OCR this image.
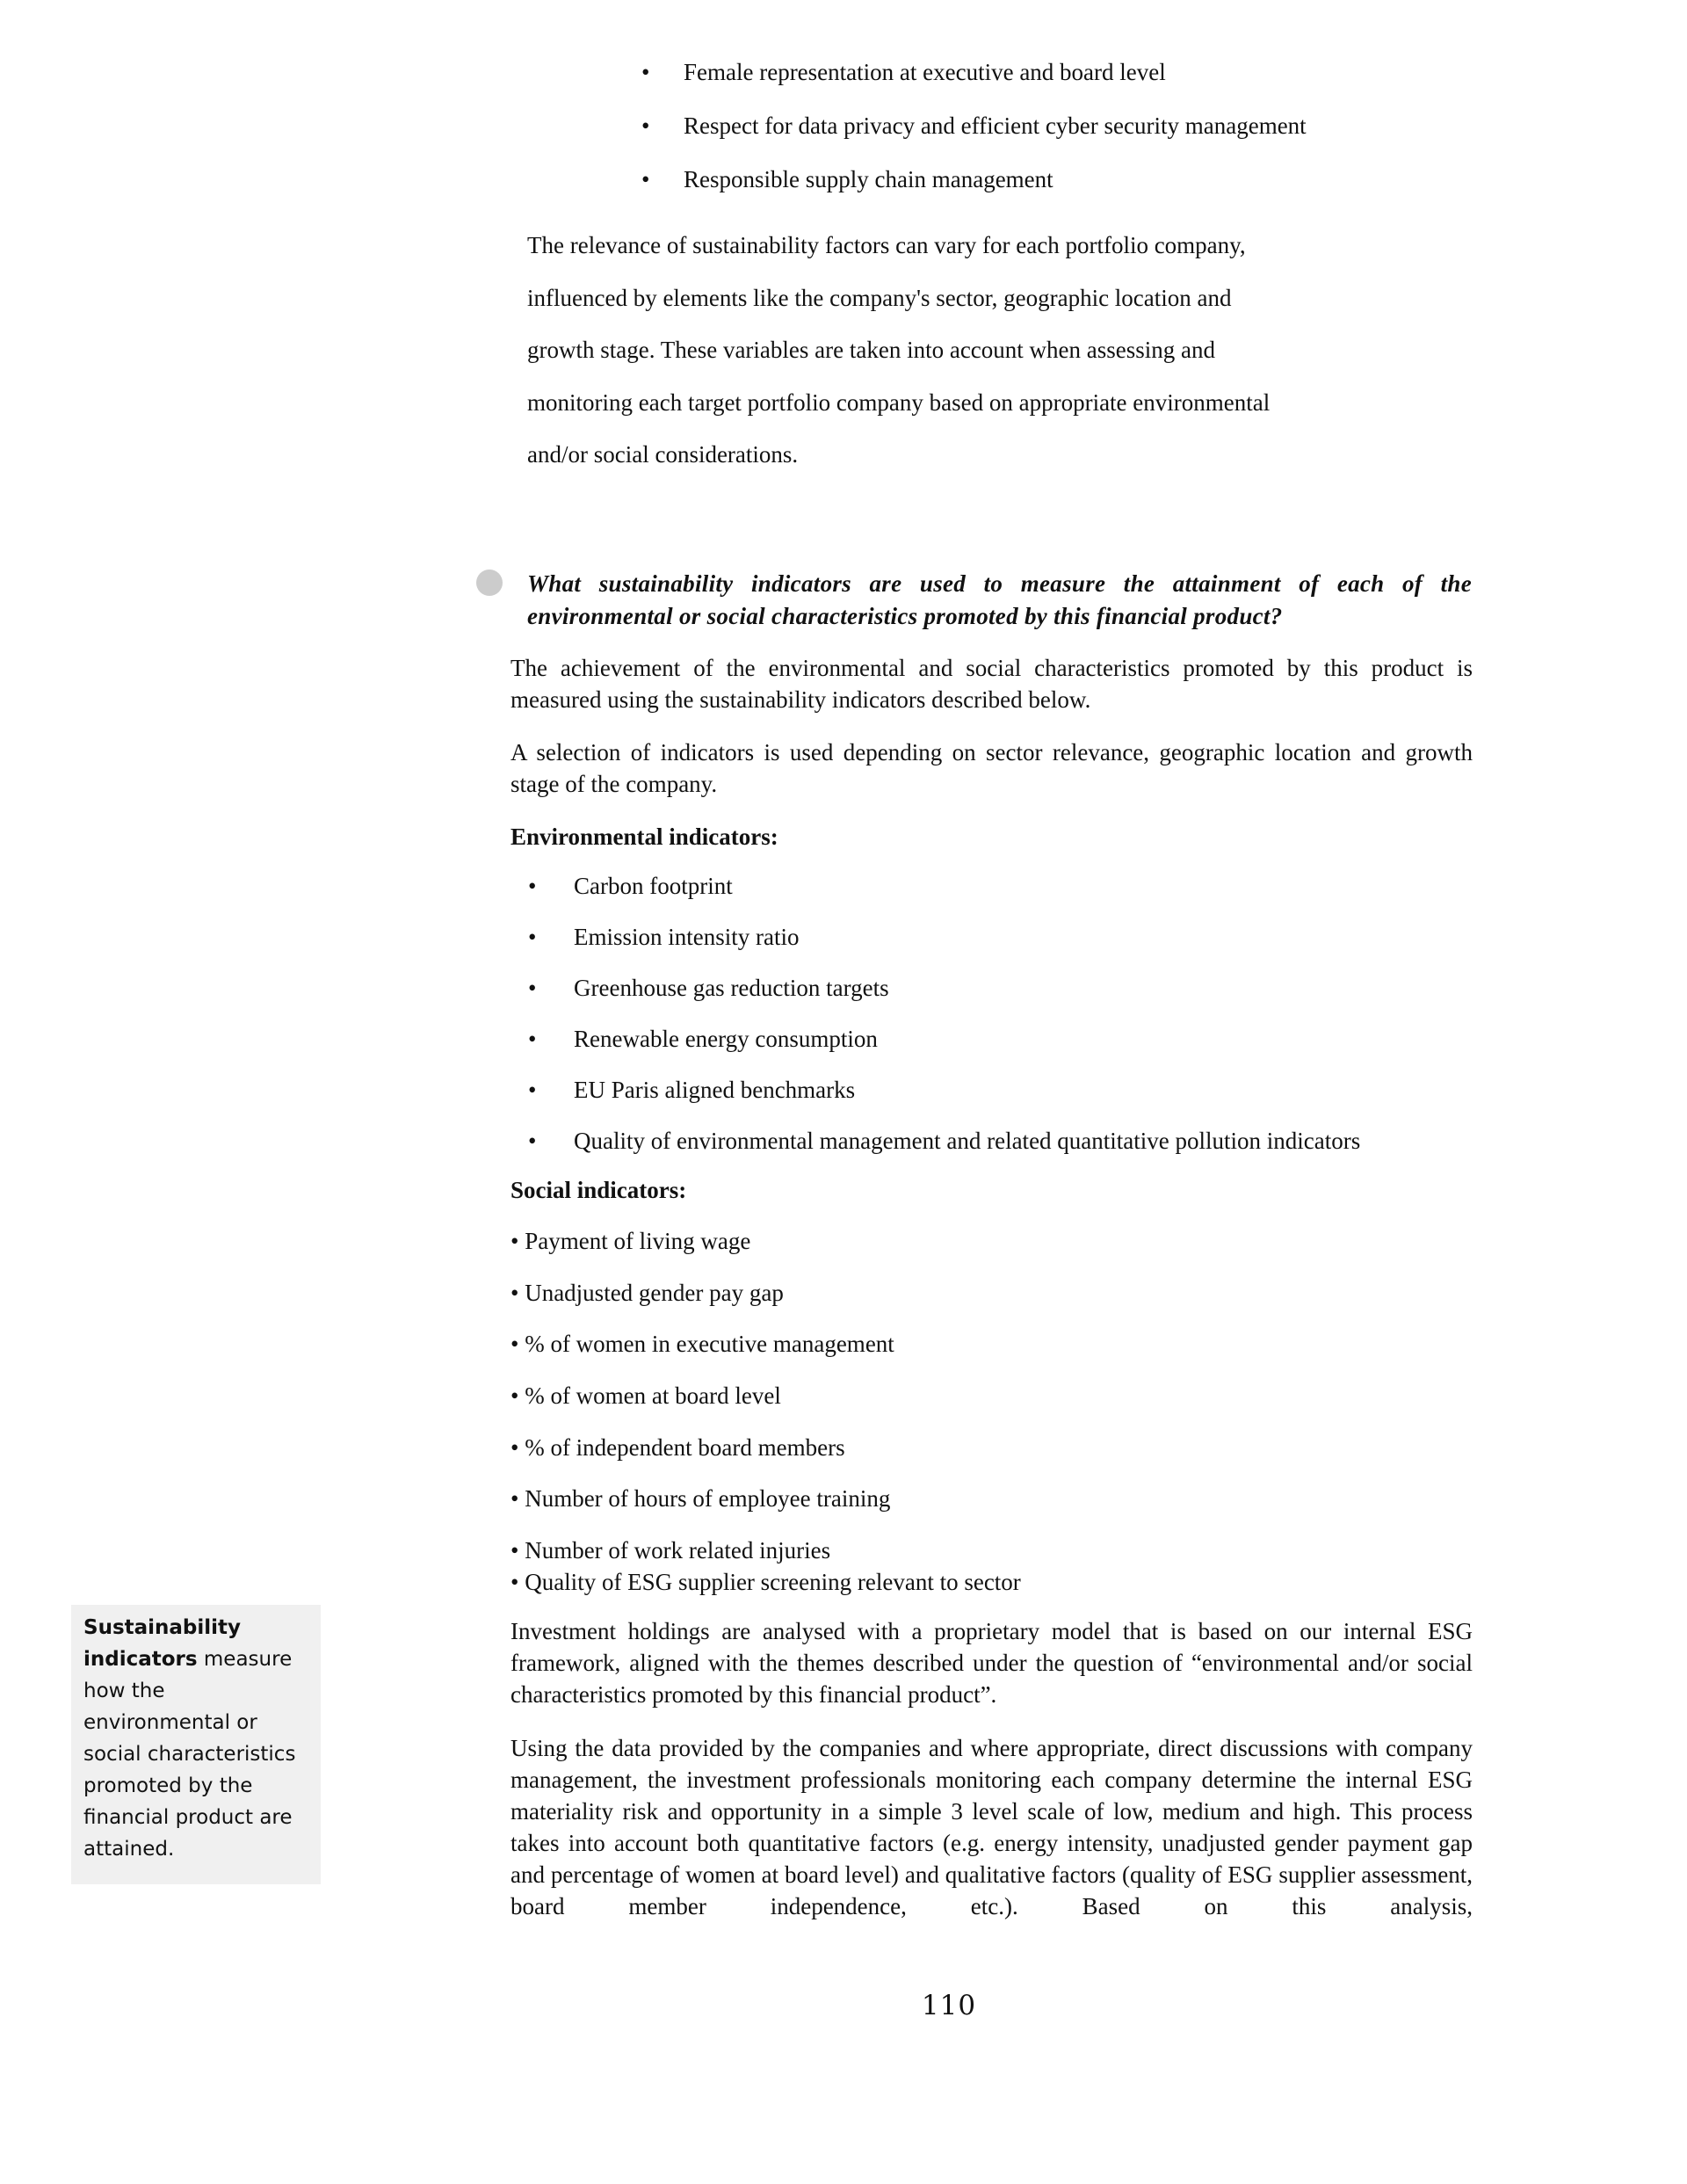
• Female representation at executive and board level
• Respect for data privacy and efficient cyber security management
• Responsible supply chain management
The relevance of sustainability factors can vary for each portfolio company,
influenced by elements like the company's sector, geographic location and
growth stage. These variables are taken into account when assessing and
monitoring each target portfolio company based on appropriate environmental
and/or social considerations.

What sustainability indicators are used to measure the attainment of each of the environmental or social characteristics promoted by this financial product?

The achievement of the environmental and social characteristics promoted by this product is measured using the sustainability indicators described below.

A selection of indicators is used depending on sector relevance, geographic location and growth stage of the company.

Environmental indicators:

• Carbon footprint
• Emission intensity ratio
• Greenhouse gas reduction targets
• Renewable energy consumption
• EU Paris aligned benchmarks
• Quality of environmental management and related quantitative pollution indicators

Social indicators:

• Payment of living wage
• Unadjusted gender pay gap
• % of women in executive management
• % of women at board level
• % of independent board members
• Number of hours of employee training
• Number of work related injuries
• Quality of ESG supplier screening relevant to sector

Investment holdings are analysed with a proprietary model that is based on our internal ESG framework, aligned with the themes described under the question of “environmental and/or social characteristics promoted by this financial product”.

Using the data provided by the companies and where appropriate, direct discussions with company management, the investment professionals monitoring each company determine the internal ESG materiality risk and opportunity in a simple 3 level scale of low, medium and high. This process takes into account both quantitative factors (e.g. energy intensity, unadjusted gender payment gap and percentage of women at board level) and qualitative factors (quality of ESG supplier assessment, board member independence, etc.). Based on this analysis,

Sustainability indicators measure how the environmental or social characteristics promoted by the financial product are attained.

110
